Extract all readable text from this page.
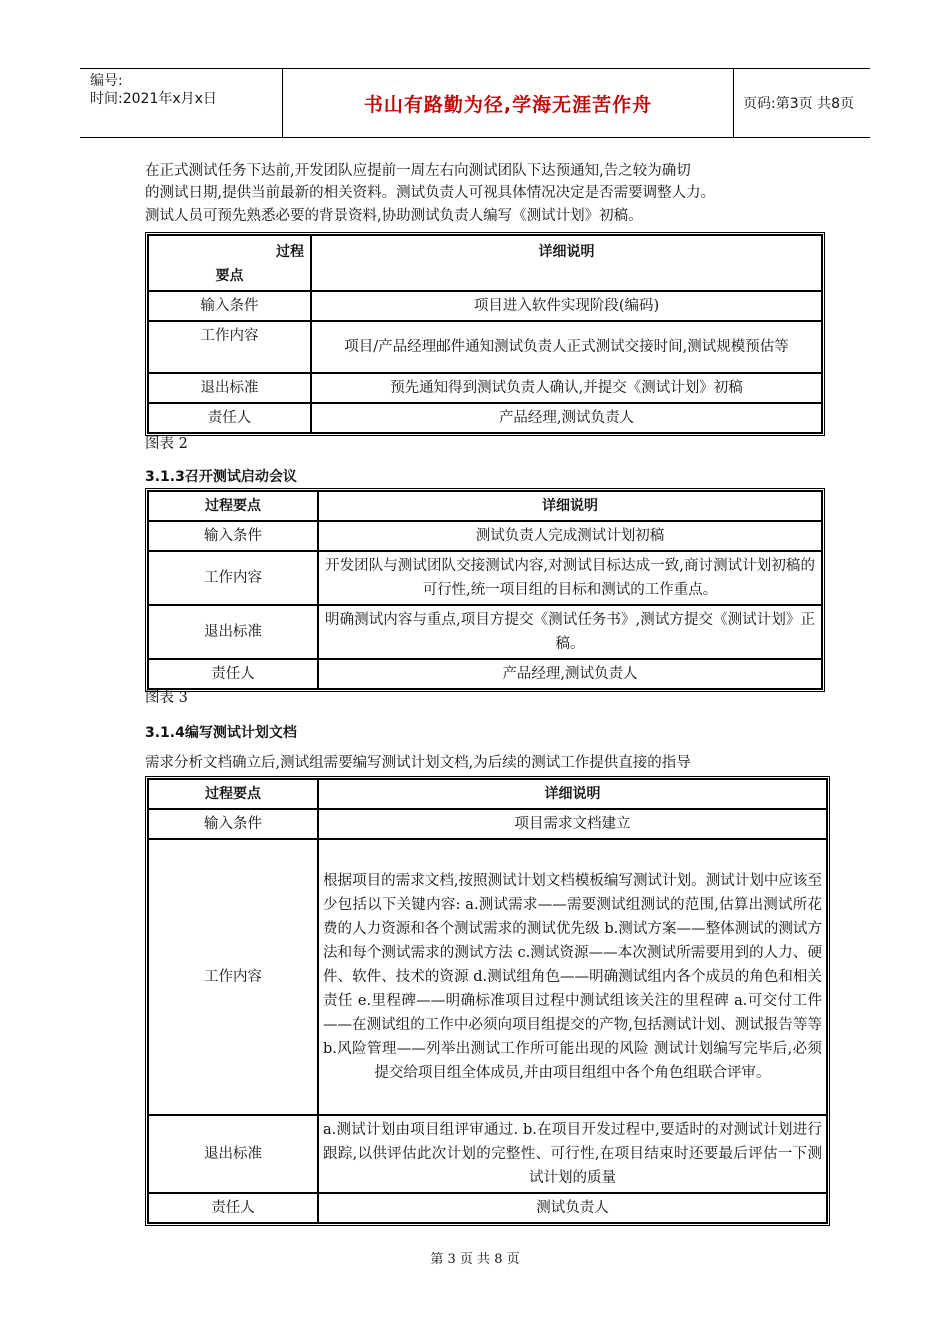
编号:
时间:2021年x月x日	书山有路勤为径,学海无涯苦作舟	页码:第3页 共8页
在正式测试任务下达前,开发团队应提前一周左右向测试团队下达预通知,告之较为确切
的测试日期,提供当前最新的相关资料。测试负责人可视具体情况决定是否需要调整人力。
测试人员可预先熟悉必要的背景资料,协助测试负责人编写《测试计划》初稿。
过程
要点	详细说明
输入条件	项目进入软件实现阶段(编码)
工作内容	项目/产品经理邮件通知测试负责人正式测试交接时间,测试规模预估等
退出标准	预先通知得到测试负责人确认,并提交《测试计划》初稿
责任人	产品经理,测试负责人
图表 2
3.1.3召开测试启动会议
过程要点	详细说明
输入条件	测试负责人完成测试计划初稿
工作内容	开发团队与测试团队交接测试内容,对测试目标达成一致,商讨测试计划初稿的可行性,统一项目组的目标和测试的工作重点。
退出标准	明确测试内容与重点,项目方提交《测试任务书》,测试方提交《测试计划》正稿。
责任人	产品经理,测试负责人
图表 3
3.1.4编写测试计划文档
需求分析文档确立后,测试组需要编写测试计划文档,为后续的测试工作提供直接的指导
过程要点	详细说明
输入条件	项目需求文档建立
工作内容	根据项目的需求文档,按照测试计划文档模板编写测试计划。测试计划中应该至少包括以下关键内容: a.测试需求——需要测试组测试的范围,估算出测试所花费的人力资源和各个测试需求的测试优先级 b.测试方案——整体测试的测试方法和每个测试需求的测试方法 c.测试资源——本次测试所需要用到的人力、硬件、软件、技术的资源 d.测试组角色——明确测试组内各个成员的角色和相关责任 e.里程碑——明确标准项目过程中测试组该关注的里程碑 a.可交付工件——在测试组的工作中必须向项目组提交的产物,包括测试计划、测试报告等等 b.风险管理——列举出测试工作所可能出现的风险 测试计划编写完毕后,必须提交给项目组全体成员,并由项目组组中各个角色组联合评审。
退出标准	a.测试计划由项目组评审通过. b.在项目开发过程中,要适时的对测试计划进行跟踪,以供评估此次计划的完整性、可行性,在项目结束时还要最后评估一下测试计划的质量
责任人	测试负责人
第 3 页 共 8 页
